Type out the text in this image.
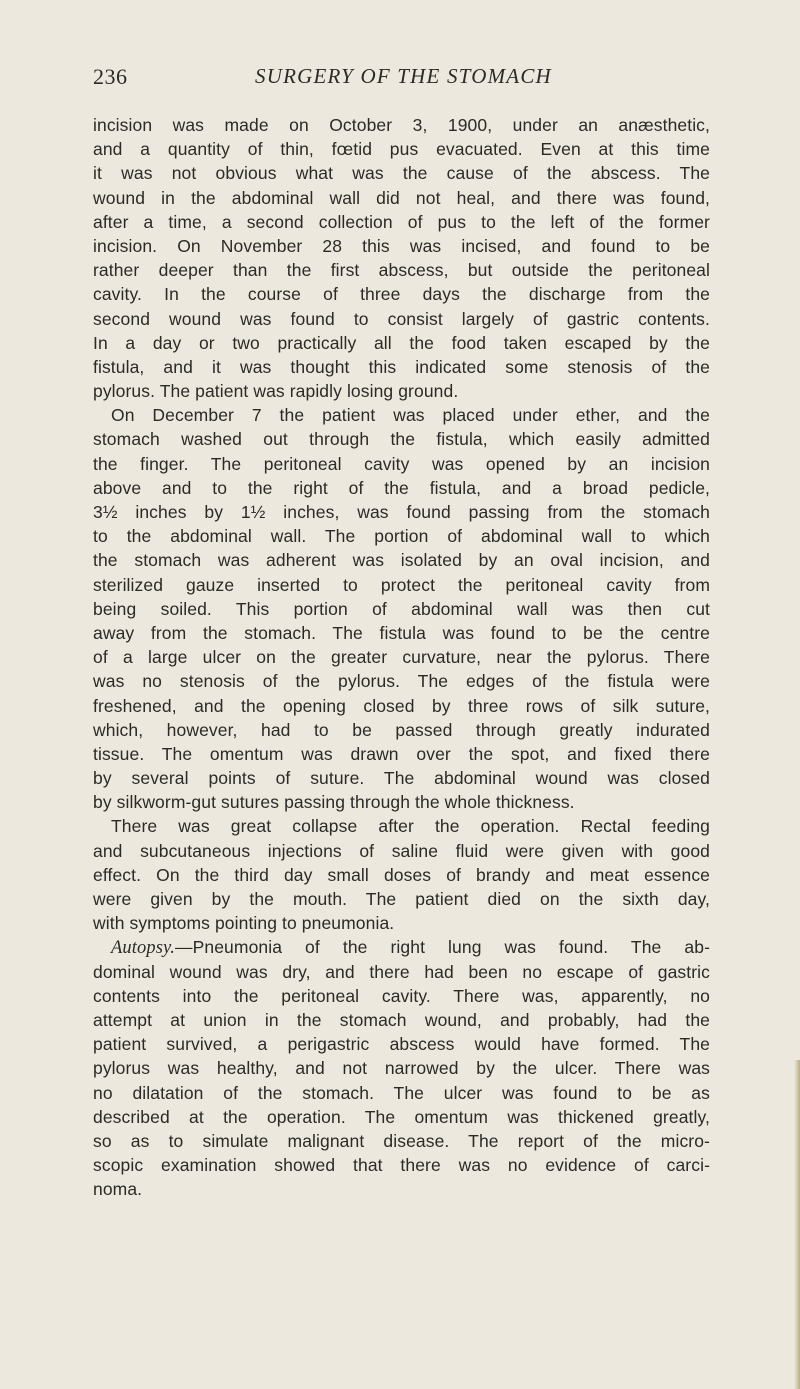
236	SURGERY OF THE STOMACH
incision was made on October 3, 1900, under an anæsthetic,
and a quantity of thin, fœtid pus evacuated. Even at this time
it was not obvious what was the cause of the abscess. The
wound in the abdominal wall did not heal, and there was found,
after a time, a second collection of pus to the left of the former
incision. On November 28 this was incised, and found to be
rather deeper than the first abscess, but outside the peritoneal
cavity. In the course of three days the discharge from the
second wound was found to consist largely of gastric contents.
In a day or two practically all the food taken escaped by the
fistula, and it was thought this indicated some stenosis of the
pylorus. The patient was rapidly losing ground.
On December 7 the patient was placed under ether, and the
stomach washed out through the fistula, which easily admitted
the finger. The peritoneal cavity was opened by an incision
above and to the right of the fistula, and a broad pedicle,
3½ inches by 1½ inches, was found passing from the stomach
to the abdominal wall. The portion of abdominal wall to which
the stomach was adherent was isolated by an oval incision, and
sterilized gauze inserted to protect the peritoneal cavity from
being soiled. This portion of abdominal wall was then cut
away from the stomach. The fistula was found to be the centre
of a large ulcer on the greater curvature, near the pylorus. There
was no stenosis of the pylorus. The edges of the fistula were
freshened, and the opening closed by three rows of silk suture,
which, however, had to be passed through greatly indurated
tissue. The omentum was drawn over the spot, and fixed there
by several points of suture. The abdominal wound was closed
by silkworm-gut sutures passing through the whole thickness.
There was great collapse after the operation. Rectal feeding
and subcutaneous injections of saline fluid were given with good
effect. On the third day small doses of brandy and meat essence
were given by the mouth. The patient died on the sixth day,
with symptoms pointing to pneumonia.
Autopsy.—Pneumonia of the right lung was found. The ab-
dominal wound was dry, and there had been no escape of gastric
contents into the peritoneal cavity. There was, apparently, no
attempt at union in the stomach wound, and probably, had the
patient survived, a perigastric abscess would have formed. The
pylorus was healthy, and not narrowed by the ulcer. There was
no dilatation of the stomach. The ulcer was found to be as
described at the operation. The omentum was thickened greatly,
so as to simulate malignant disease. The report of the micro-
scopic examination showed that there was no evidence of carci-
noma.
